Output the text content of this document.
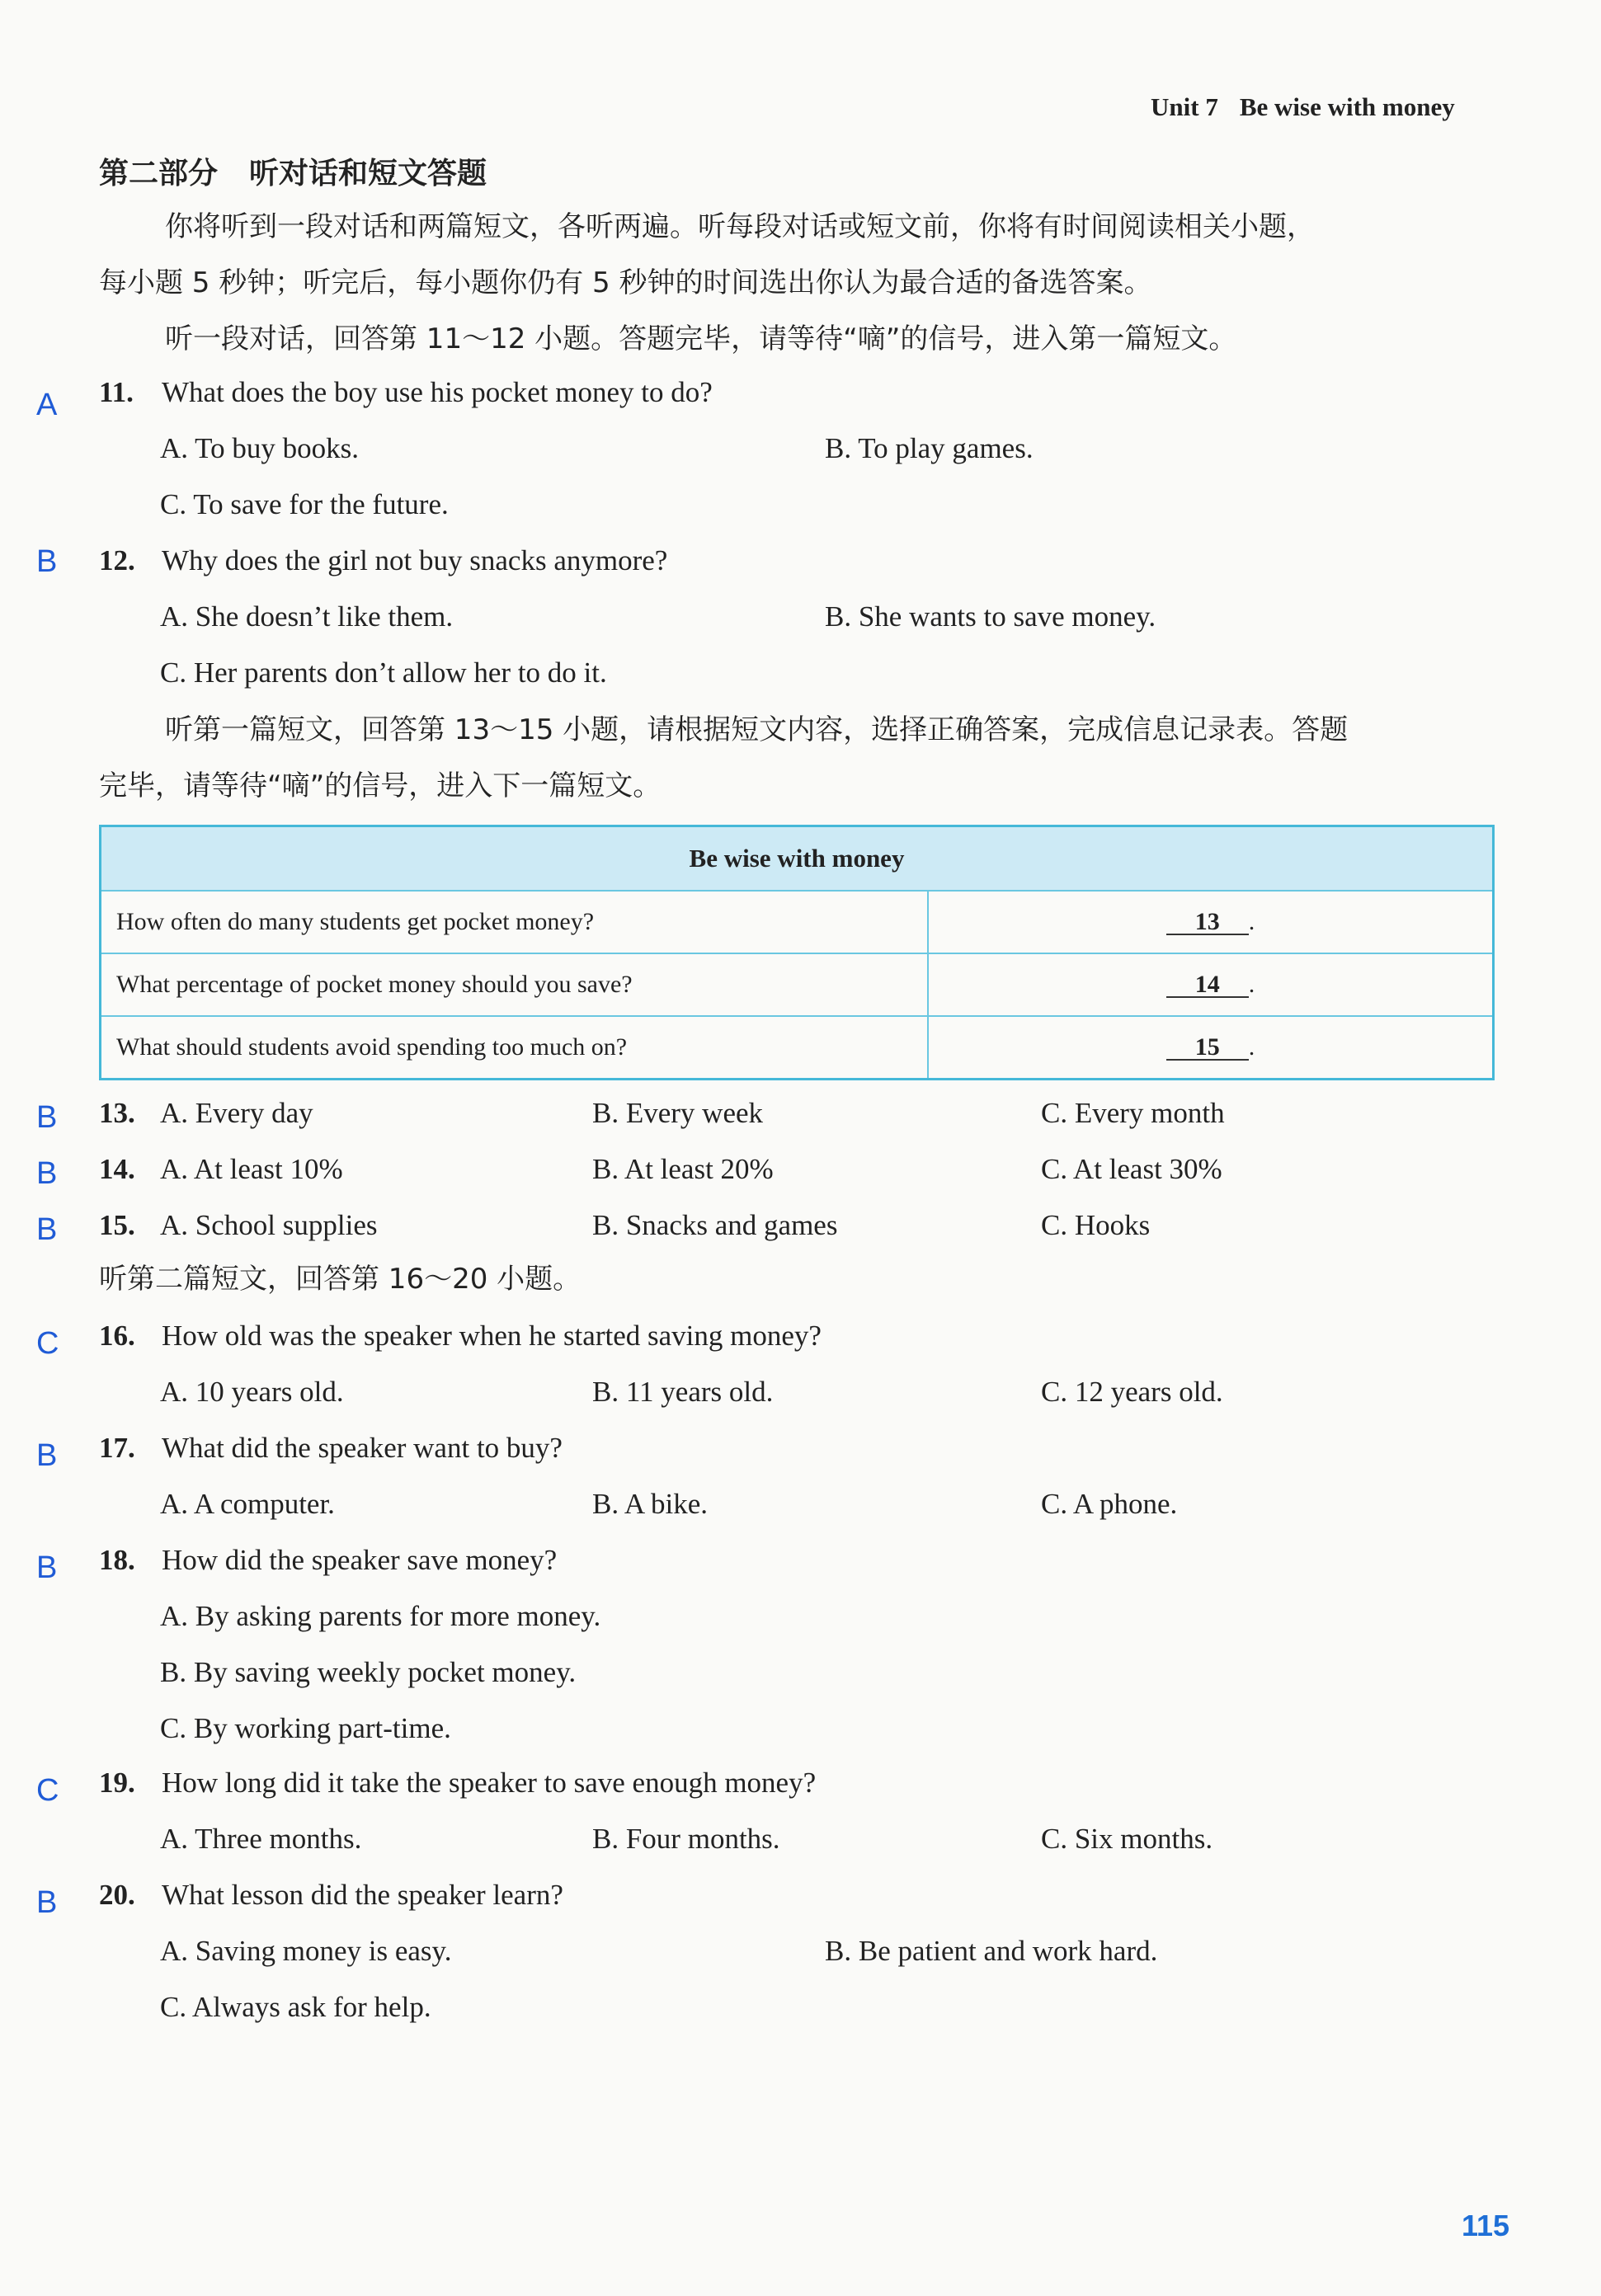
Unit 7 Be wise with money
第二部分 听对话和短文答题
你将听到一段对话和两篇短文，各听两遍。听每段对话或短文前，你将有时间阅读相关小题，
每小题 5 秒钟；听完后，每小题你仍有 5 秒钟的时间选出你认为最合适的备选答案。
听一段对话，回答第 11～12 小题。答题完毕，请等待“嘀”的信号，进入第一篇短文。
A 11. What does the boy use his pocket money to do?
A. To buy books.	B. To play games.
C. To save for the future.
B 12. Why does the girl not buy snacks anymore?
A. She doesn’t like them.	B. She wants to save money.
C. Her parents don’t allow her to do it.
听第一篇短文，回答第 13～15 小题，请根据短文内容，选择正确答案，完成信息记录表。答题
完毕，请等待“嘀”的信号，进入下一篇短文。
Be wise with money	
How often do many students get pocket money?	13 .
What percentage of pocket money should you save?	14 .
What should students avoid spending too much on?	15 .
B 13. A. Every day	B. Every week	C. Every month
B 14. A. At least 10%	B. At least 20%	C. At least 30%
B 15. A. School supplies	B. Snacks and games	C. Hooks
听第二篇短文，回答第 16～20 小题。
C 16. How old was the speaker when he started saving money?
A. 10 years old.	B. 11 years old.	C. 12 years old.
B 17. What did the speaker want to buy?
A. A computer.	B. A bike.	C. A phone.
B 18. How did the speaker save money?
A. By asking parents for more money.
B. By saving weekly pocket money.
C. By working part-time.
C 19. How long did it take the speaker to save enough money?
A. Three months.	B. Four months.	C. Six months.
B 20. What lesson did the speaker learn?
A. Saving money is easy.	B. Be patient and work hard.
C. Always ask for help.
115
